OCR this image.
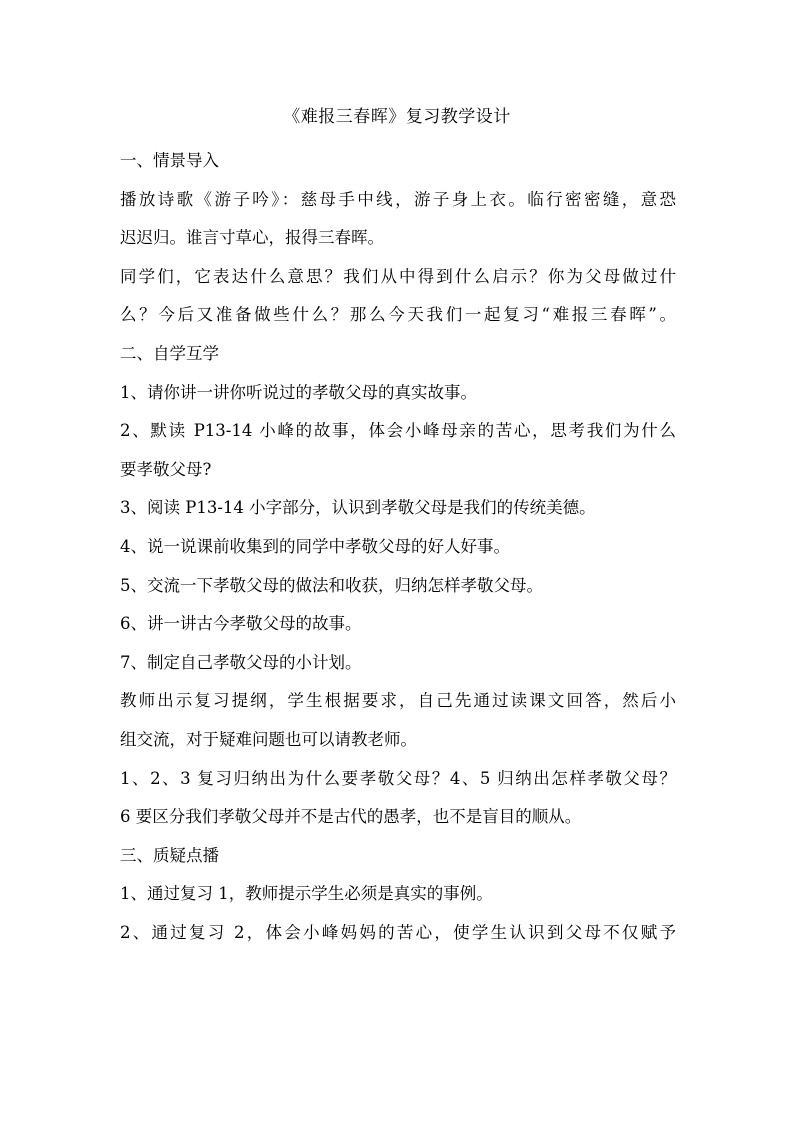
《难报三春晖》复习教学设计
一、情景导入
播放诗歌《游子吟》：慈母手中线，游子身上衣。临行密密缝，意恐
迟迟归。谁言寸草心，报得三春晖。
同学们，它表达什么意思？我们从中得到什么启示？你为父母做过什
么？今后又准备做些什么？那么今天我们一起复习“难报三春晖”。
二、自学互学
1、请你讲一讲你听说过的孝敬父母的真实故事。
2、默读 P13-14 小峰的故事，体会小峰母亲的苦心，思考我们为什么
要孝敬父母?
3、阅读 P13-14 小字部分，认识到孝敬父母是我们的传统美德。
4、说一说课前收集到的同学中孝敬父母的好人好事。
5、交流一下孝敬父母的做法和收获，归纳怎样孝敬父母。
6、讲一讲古今孝敬父母的故事。
7、制定自己孝敬父母的小计划。
教师出示复习提纲，学生根据要求，自己先通过读课文回答，然后小
组交流，对于疑难问题也可以请教老师。
1、2、3 复习归纳出为什么要孝敬父母？4、5 归纳出怎样孝敬父母？
6 要区分我们孝敬父母并不是古代的愚孝，也不是盲目的顺从。
三、质疑点播
1、通过复习 1，教师提示学生必须是真实的事例。
2、通过复习 2，体会小峰妈妈的苦心，使学生认识到父母不仅赋予
